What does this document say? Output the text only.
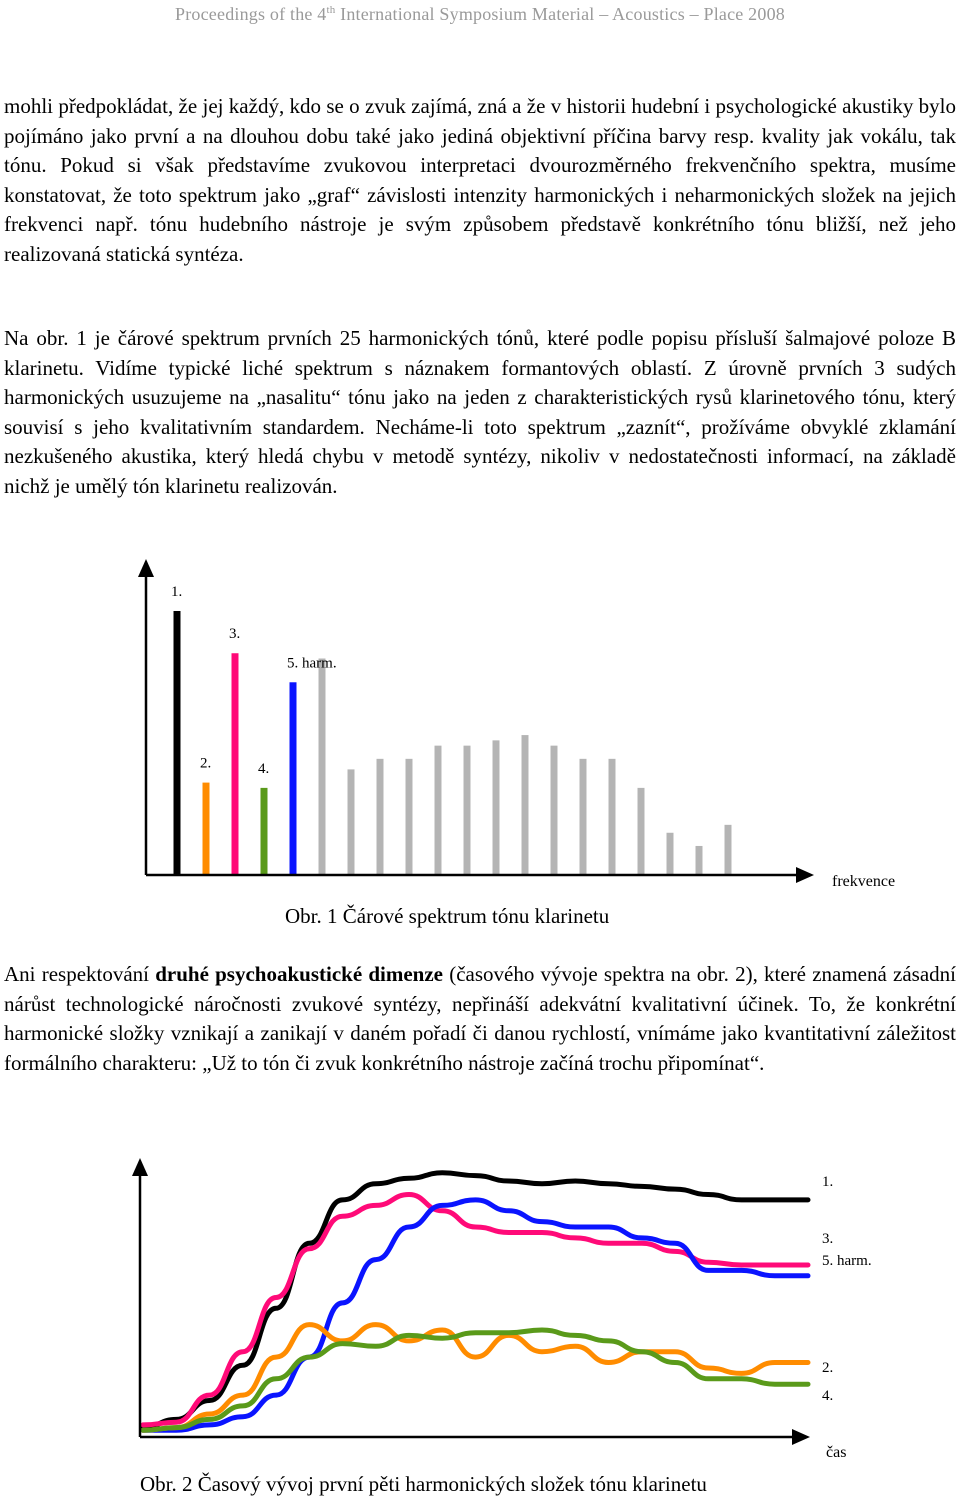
Proceedings of the 4th International Symposium Material – Acoustics – Place 2008

mohli předpokládat, že jej každý, kdo se o zvuk zajímá, zná a že v historii hudební i psychologické akustiky bylo pojímáno jako první a na dlouhou dobu také jako jediná objektivní příčina barvy resp. kvality jak vokálu, tak tónu. Pokud si však představíme zvukovou interpretaci dvourozměrného frekvenčního spektra, musíme konstatovat, že toto spektrum jako „graf“ závislosti intenzity harmonických i neharmonických složek na jejich frekvenci např. tónu hudebního nástroje je svým způsobem představě konkrétního tónu bližší, než jeho realizovaná statická syntéza.

Na obr. 1 je čárové spektrum prvních 25 harmonických tónů, které podle popisu přísluší šalmajové poloze B klarinetu. Vidíme typické liché spektrum s náznakem formantových oblastí. Z úrovně prvních 3 sudých harmonických usuzujeme na „nasalitu“ tónu jako na jeden z charakteristických rysů klarinetového tónu, který souvisí s jeho kvalitativním standardem. Necháme-li toto spektrum „zaznít“, prožíváme obvyklé zklamání nezkušeného akustika, který hledá chybu v metodě syntézy, nikoliv v nedostatečnosti informací, na základě nichž je umělý tón klarinetu realizován.

1.
2.
3.
4.
5. harm.
frekvence
Obr. 1 Čárové spektrum tónu klarinetu

Ani respektování druhé psychoakustické dimenze (časového vývoje spektra na obr. 2), které znamená zásadní nárůst technologické náročnosti zvukové syntézy, nepřináší adekvátní kvalitativní účinek. To, že konkrétní harmonické složky vznikají a zanikají v daném pořadí či danou rychlostí, vnímáme jako kvantitativní záležitost formálního charakteru: „Už to tón či zvuk konkrétního nástroje začíná trochu připomínat“.

1.
3.
5. harm.
2.
4.
čas
Obr. 2 Časový vývoj první pěti harmonických složek tónu klarinetu
